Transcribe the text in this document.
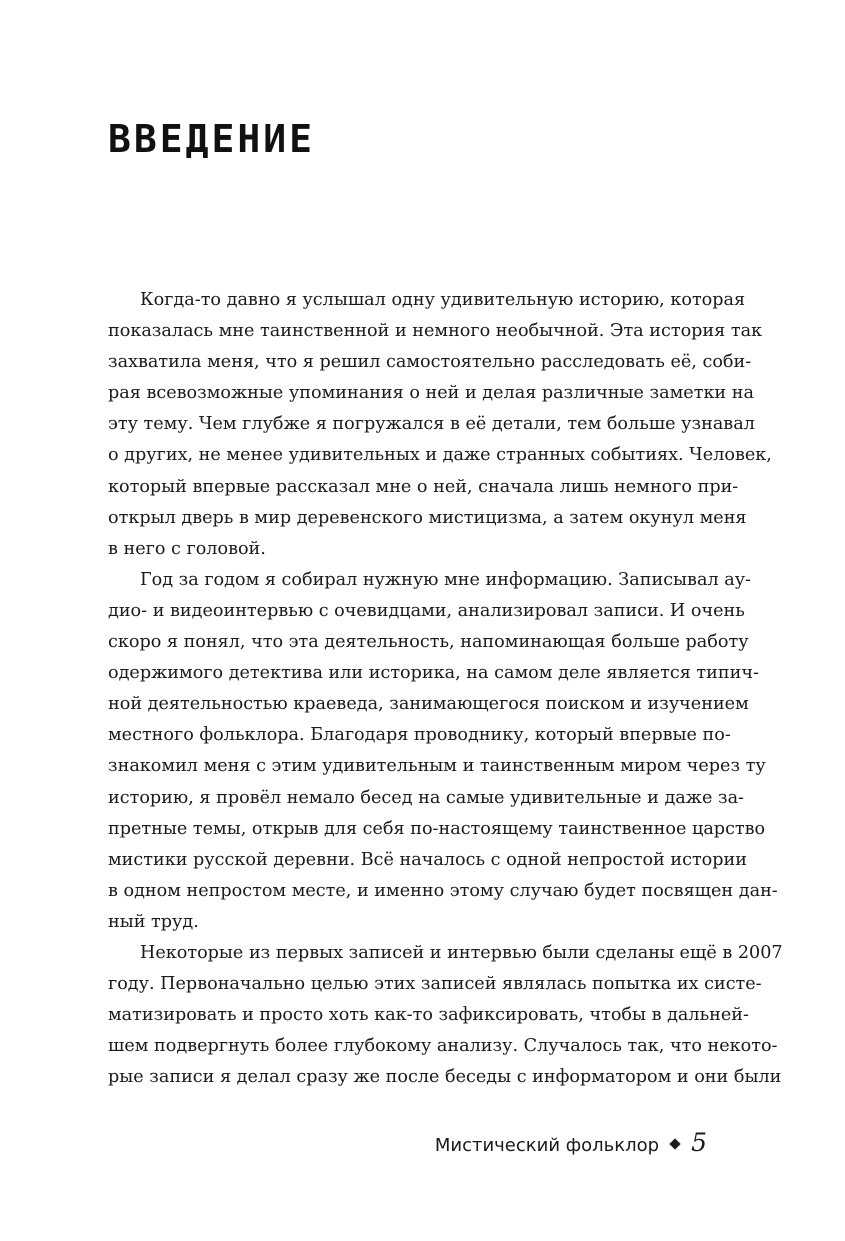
ВВЕДЕНИЕ
Когда-то давно я услышал одну удивительную историю, которая
показалась мне таинственной и немного необычной. Эта история так
захватила меня, что я решил самостоятельно расследовать её, соби-
рая всевозможные упоминания о ней и делая различные заметки на
эту тему. Чем глубже я погружался в её детали, тем больше узнавал
о других, не менее удивительных и даже странных событиях. Человек,
который впервые рассказал мне о ней, сначала лишь немного при-
открыл дверь в мир деревенского мистицизма, а затем окунул меня
в него с головой.
Год за годом я собирал нужную мне информацию. Записывал ау-
дио- и видеоинтервью с очевидцами, анализировал записи. И очень
скоро я понял, что эта деятельность, напоминающая больше работу
одержимого детектива или историка, на самом деле является типич-
ной деятельностью краеведа, занимающегося поиском и изучением
местного фольклора. Благодаря проводнику, который впервые по-
знакомил меня с этим удивительным и таинственным миром через ту
историю, я провёл немало бесед на самые удивительные и даже за-
претные темы, открыв для себя по-настоящему таинственное царство
мистики русской деревни. Всё началось с одной непростой истории
в одном непростом месте, и именно этому случаю будет посвящен дан-
ный труд.
Некоторые из первых записей и интервью были сделаны ещё в 2007
году. Первоначально целью этих записей являлась попытка их систе-
матизировать и просто хоть как-то зафиксировать, чтобы в дальней-
шем подвергнуть более глубокому анализу. Случалось так, что некото-
рые записи я делал сразу же после беседы с информатором и они были
Мистический фольклор 5
